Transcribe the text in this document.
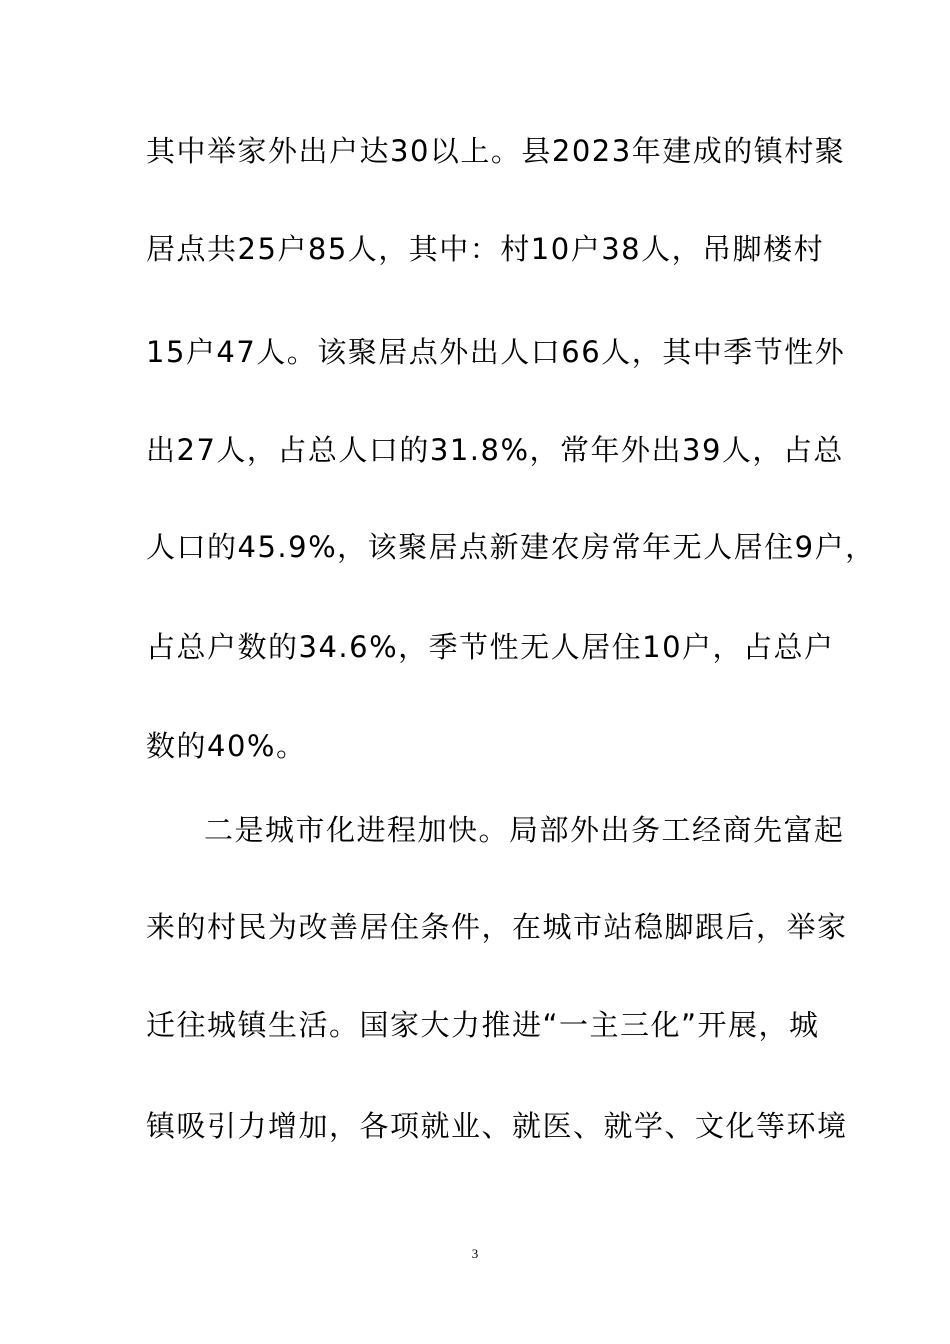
其中举家外出户达30以上。县2023年建成的镇村聚
居点共25户85人，其中：村10户38人，吊脚楼村
15户47人。该聚居点外出人口66人，其中季节性外
出27人，占总人口的31.8%，常年外出39人，占总
人口的45.9%，该聚居点新建农房常年无人居住9户，
占总户数的34.6%，季节性无人居住10户，占总户
数的40%。
二是城市化进程加快。局部外出务工经商先富起
来的村民为改善居住条件，在城市站稳脚跟后，举家
迁往城镇生活。国家大力推进“一主三化”开展，城
镇吸引力增加，各项就业、就医、就学、文化等环境
3
